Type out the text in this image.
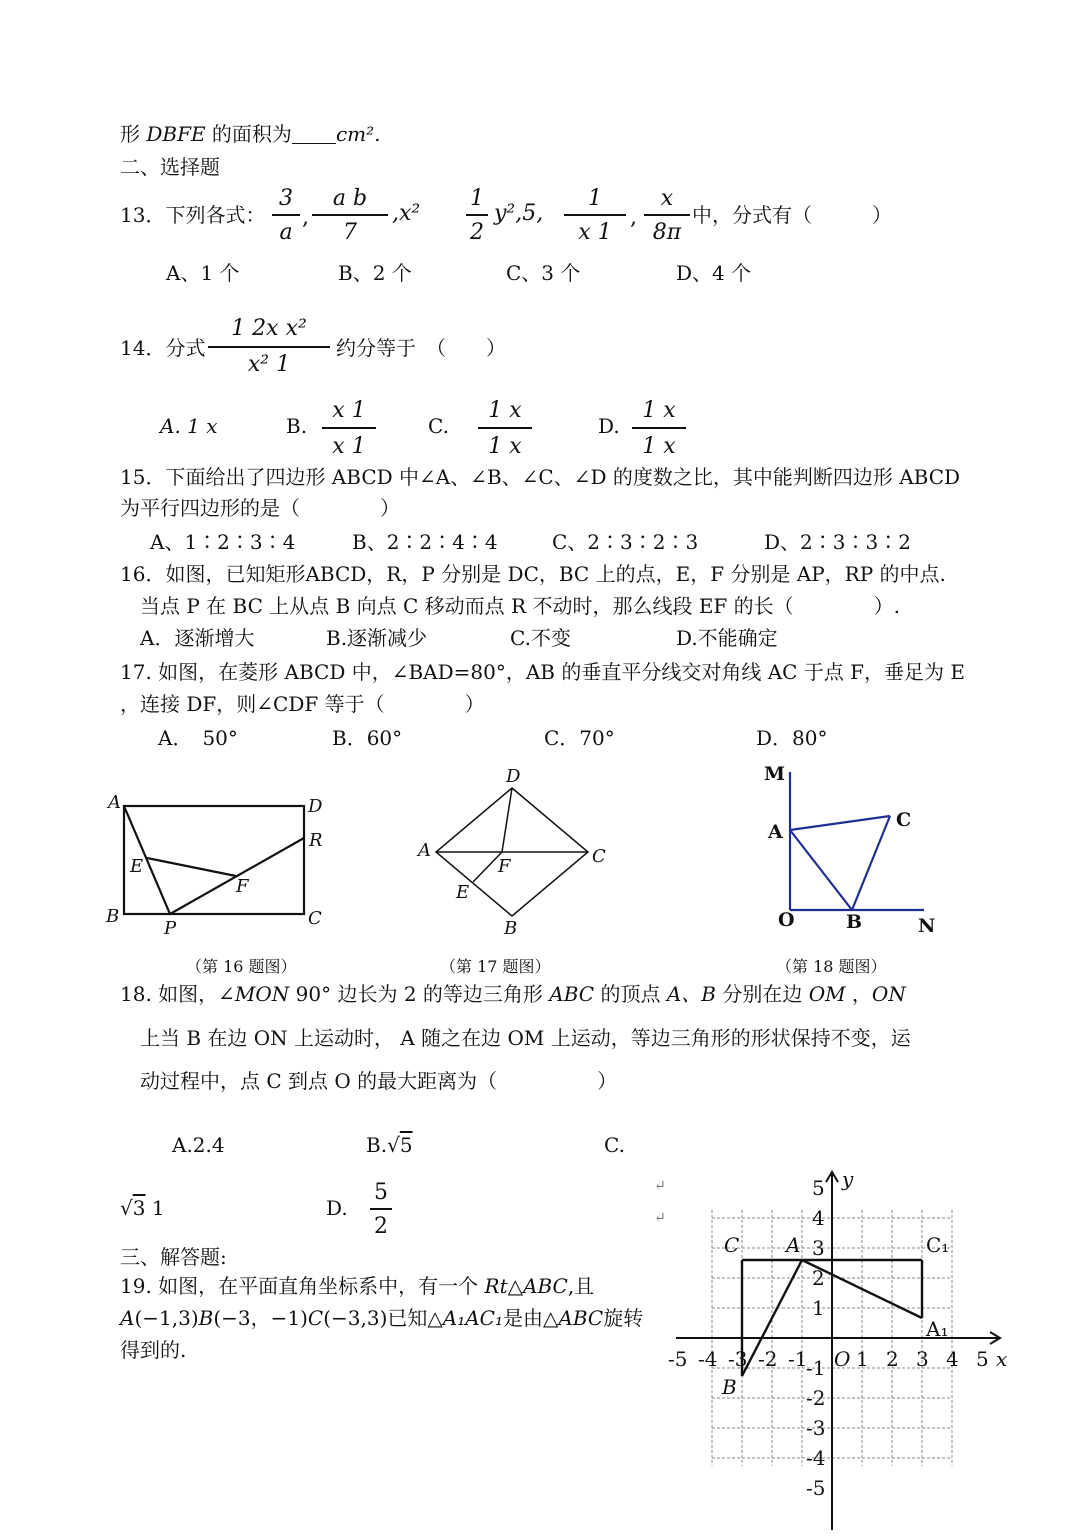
形 DBFE 的面积为 cm².
二、选择题
13．下列各式：
3
a
,
a b
7
,x²
1
2
y²,5,
1
x 1
,
x
8π
中，分式有（　　　）
A、1 个	B、2 个	C、3 个	D、4 个
14．分式
1 2x x²
x² 1
约分等于　（　　）
A. 1 x	B.
x 1
x 1
C.
1 x
1 x
D.
1 x
1 x
15．下面给出了四边形 ABCD 中∠A、∠B、∠C、∠D 的度数之比，其中能判断四边形 ABCD
为平行四边形的是（　　　　）
A、1∶2∶3∶4	B、2∶2∶4∶4	C、2∶3∶2∶3	D、2∶3∶3∶2
16．如图，已知矩形ABCD，R，P 分别是 DC，BC 上的点，E，F 分别是 AP，RP 的中点.
当点 P 在 BC 上从点 B 向点 C 移动而点 R 不动时，那么线段 EF 的长（　　　　）.
A．逐渐增大	B.逐渐减少	C.不变	D.不能确定
17. 如图，在菱形 ABCD 中，∠BAD=80°，AB 的垂直平分线交对角线 AC 于点 F，垂足为 E
，连接 DF，则∠CDF 等于（　　　　）
A．　50°	B．60°	C．70°	D．80°
A	D
R
E
F
B
P	C
D
A
F	C
E
B
M
A
C
O	B	N
（第 16 题图）	（第 17 题图）	（第 18 题图）
18. 如图，∠MON 90° 边长为 2 的等边三角形 ABC 的顶点 A、B 分别在边 OM ，ON
上当 B 在边 ON 上运动时， A 随之在边 OM 上运动，等边三角形的形状保持不变，运
动过程中，点 C 到点 O 的最大距离为（　　　　　）
A.2.4	B.√5	C.
√3 1	D.
5
2
三、解答题:
19. 如图，在平面直角坐标系中，有一个 Rt△ABC,且
A(−1,3)B(−3，−1)C(−3,3)已知△A₁AC₁是由△ABC旋转
得到的.	-5 -4 -3 -2 -1 O 1 2 3 4 5
5
4
3
2
1
-1
-2
-3
-4
-5
x
y
C A	C₁
A₁
B
↵
↵
